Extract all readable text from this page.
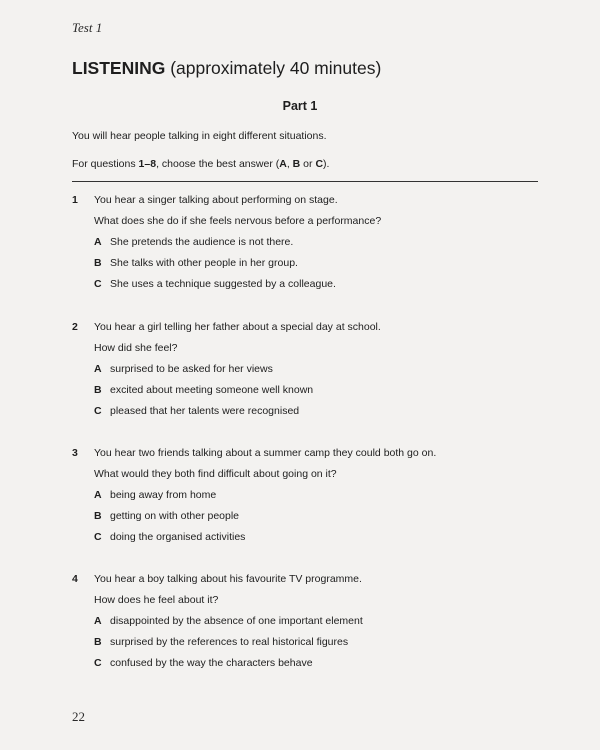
Test 1
LISTENING (approximately 40 minutes)
Part 1
You will hear people talking in eight different situations.
For questions 1–8, choose the best answer (A, B or C).
1 You hear a singer talking about performing on stage.
What does she do if she feels nervous before a performance?
A She pretends the audience is not there.
B She talks with other people in her group.
C She uses a technique suggested by a colleague.
2 You hear a girl telling her father about a special day at school.
How did she feel?
A surprised to be asked for her views
B excited about meeting someone well known
C pleased that her talents were recognised
3 You hear two friends talking about a summer camp they could both go on.
What would they both find difficult about going on it?
A being away from home
B getting on with other people
C doing the organised activities
4 You hear a boy talking about his favourite TV programme.
How does he feel about it?
A disappointed by the absence of one important element
B surprised by the references to real historical figures
C confused by the way the characters behave
22
